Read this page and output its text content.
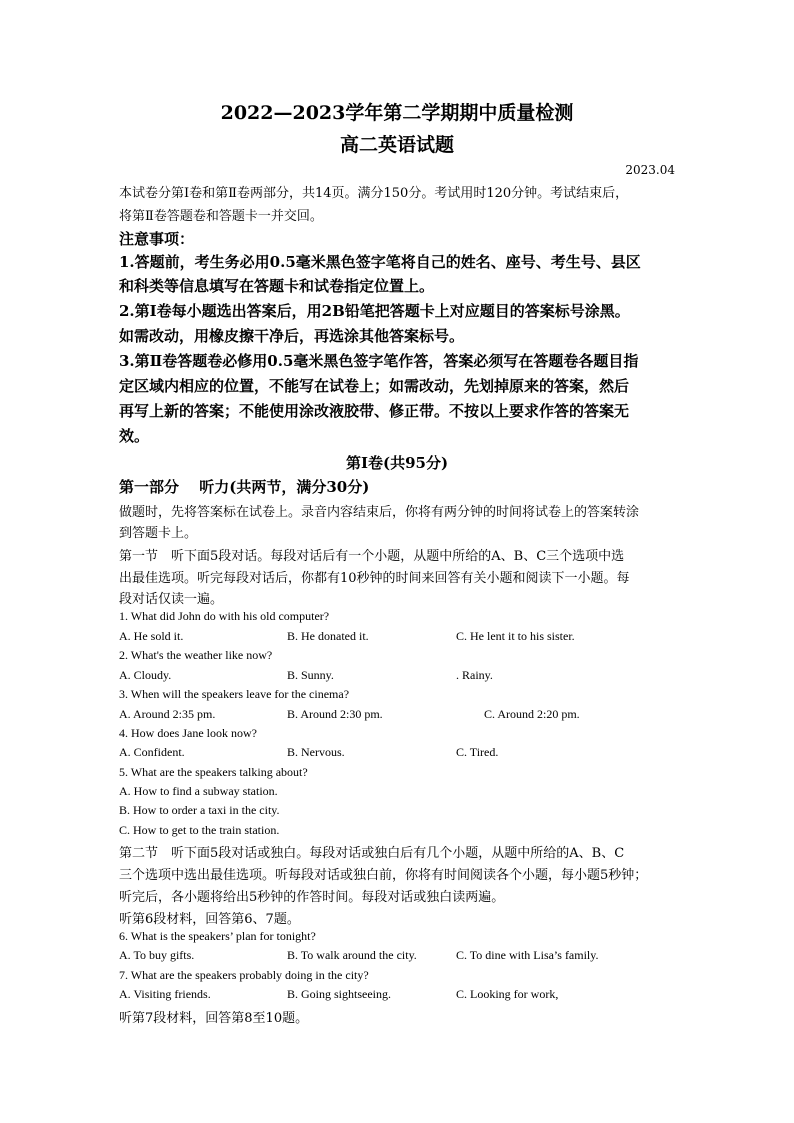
2022—2023学年第二学期期中质量检测
高二英语试题
2023.04
本试卷分第Ⅰ卷和第Ⅱ卷两部分，共14页。满分150分。考试用时120分钟。考试结束后，
将第Ⅱ卷答题卷和答题卡一并交回。
注意事项：
1.答题前，考生务必用0.5毫米黑色签字笔将自己的姓名、座号、考生号、县区
和科类等信息填写在答题卡和试卷指定位置上。
2.第Ⅰ卷每小题选出答案后，用2B铅笔把答题卡上对应题目的答案标号涂黑。
如需改动，用橡皮擦干净后，再选涂其他答案标号。
3.第Ⅱ卷答题卷必修用0.5毫米黑色签字笔作答，答案必须写在答题卷各题目指
定区域内相应的位置，不能写在试卷上；如需改动，先划掉原来的答案，然后
再写上新的答案；不能使用涂改液胶带、修正带。不按以上要求作答的答案无
效。
第Ⅰ卷(共95分)
第一部分　 听力(共两节，满分30分)
做题时，先将答案标在试卷上。录音内容结束后，你将有两分钟的时间将试卷上的答案转涂
到答题卡上。
第一节　听下面5段对话。每段对话后有一个小题，从题中所给的A、B、C三个选项中选
出最佳选项。听完每段对话后，你都有10秒钟的时间来回答有关小题和阅读下一小题。每
段对话仅读一遍。
1. What did John do with his old computer?
A. He sold it.	B. He donated it.	C. He lent it to his sister.
2. What's the weather like now?
A. Cloudy.	B. Sunny.	. Rainy.
3. When will the speakers leave for the cinema?
A. Around 2:35 pm.	B. Around 2:30 pm.	C. Around 2:20 pm.
4. How does Jane look now?
A. Confident.	B. Nervous.	C. Tired.
5. What are the speakers talking about?
A. How to find a subway station.
B. How to order a taxi in the city.
C. How to get to the train station.
第二节　听下面5段对话或独白。每段对话或独白后有几个小题，从题中所给的A、B、C
三个选项中选出最佳选项。听每段对话或独白前，你将有时间阅读各个小题，每小题5秒钟；
听完后，各小题将给出5秒钟的作答时间。每段对话或独白读两遍。
听第6段材料，回答第6、7题。
6. What is the speakers’ plan for tonight?
A. To buy gifts.	B. To walk around the city.	C. To dine with Lisa’s family.
7. What are the speakers probably doing in the city?
A. Visiting friends.	B. Going sightseeing.	C. Looking for work,
听第7段材料，回答第8至10题。
